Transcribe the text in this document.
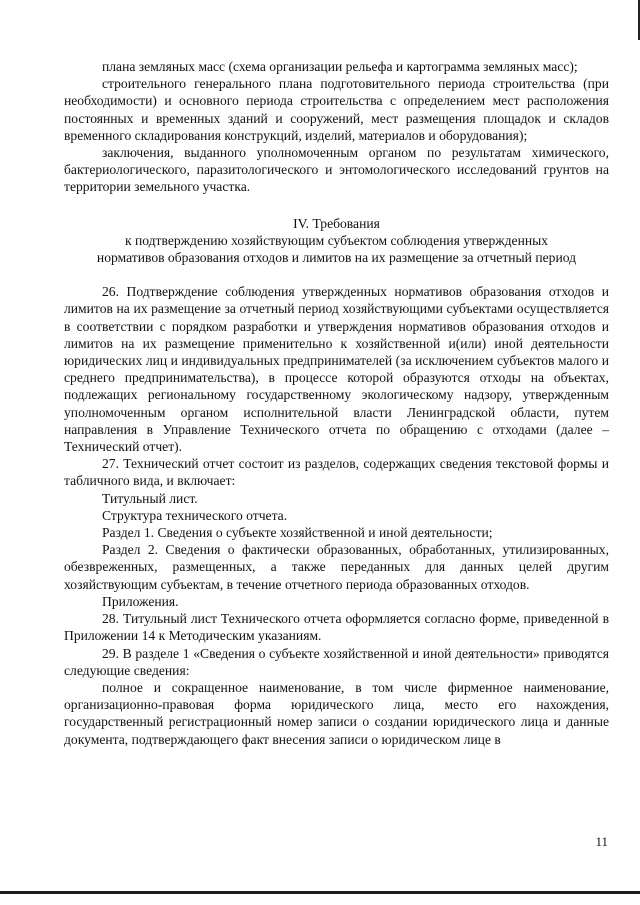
плана земляных масс (схема организации рельефа и картограмма земляных масс);

строительного генерального плана подготовительного периода строительства (при необходимости) и основного периода строительства с определением мест расположения постоянных и временных зданий и сооружений, мест размещения площадок и складов временного складирования конструкций, изделий, материалов и оборудования);

заключения, выданного уполномоченным органом по результатам химического, бактериологического, паразитологического и энтомологического исследований грунтов на территории земельного участка.

IV. Требования

к подтверждению хозяйствующим субъектом соблюдения утвержденных

нормативов образования отходов и лимитов на их размещение за отчетный период

26. Подтверждение соблюдения утвержденных нормативов образования отходов и лимитов на их размещение за отчетный период хозяйствующими субъектами осуществляется в соответствии с порядком разработки и утверждения нормативов образования отходов и лимитов на их размещение применительно к хозяйственной и(или) иной деятельности юридических лиц и индивидуальных предпринимателей (за исключением субъектов малого и среднего предпринимательства), в процессе которой образуются отходы на объектах, подлежащих региональному государственному экологическому надзору, утвержденным уполномоченным органом исполнительной власти Ленинградской области, путем направления в Управление Технического отчета по обращению с отходами (далее – Технический отчет).

27. Технический отчет состоит из разделов, содержащих сведения текстовой формы и табличного вида, и включает:

Титульный лист.

Структура технического отчета.

Раздел 1. Сведения о субъекте хозяйственной и иной деятельности;

Раздел 2. Сведения о фактически образованных, обработанных, утилизированных, обезвреженных, размещенных, а также переданных для данных целей другим хозяйствующим субъектам, в течение отчетного периода образованных отходов.

Приложения.

28. Титульный лист Технического отчета оформляется согласно форме, приведенной в Приложении 14 к Методическим указаниям.

29. В разделе 1 «Сведения о субъекте хозяйственной и иной деятельности» приводятся следующие сведения:

полное и сокращенное наименование, в том числе фирменное наименование, организационно-правовая форма юридического лица, место его нахождения, государственный регистрационный номер записи о создании юридического лица и данные документа, подтверждающего факт внесения записи о юридическом лице в

11
